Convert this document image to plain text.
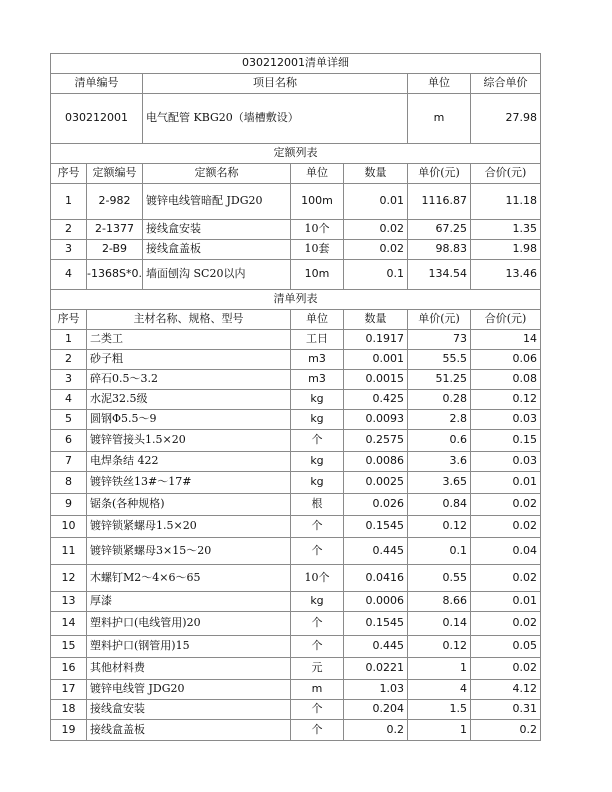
030212001清单详细						
清单编号		项目名称			单位	综合单价
030212001		电气配管 KBG20（墙槽敷设）			m	27.98
定额列表						
序号	定额编号	定额名称	单位	数量	单价(元)	合价(元)
1	2-982	镀锌电线管暗配 JDG20	100m	0.01	1116.87	11.18
2	2-1377	接线盒安装	10个	0.02	67.25	1.35
3	2-B9	接线盒盖板	10套	0.02	98.83	1.98
4	-1368S*0.	墙面刨沟 SC20以内	10m	0.1	134.54	13.46
清单列表						
序号	主材名称、规格、型号		单位	数量	单价(元)	合价(元)
1	二类工		工日	0.1917	73	14
2	砂子粗		m3	0.001	55.5	0.06
3	碎石0.5～3.2		m3	0.0015	51.25	0.08
4	水泥32.5级		kg	0.425	0.28	0.12
5	圆钢Φ5.5～9		kg	0.0093	2.8	0.03
6	镀锌管接头1.5×20		个	0.2575	0.6	0.15
7	电焊条结 422		kg	0.0086	3.6	0.03
8	镀锌铁丝13#～17#		kg	0.0025	3.65	0.01
9	锯条(各种规格)		根	0.026	0.84	0.02
10	镀锌锁紧螺母1.5×20		个	0.1545	0.12	0.02
11	镀锌锁紧螺母3×15～20		个	0.445	0.1	0.04
12	木螺钉M2～4×6～65		10个	0.0416	0.55	0.02
13	厚漆		kg	0.0006	8.66	0.01
14	塑料护口(电线管用)20		个	0.1545	0.14	0.02
15	塑料护口(钢管用)15		个	0.445	0.12	0.05
16	其他材料费		元	0.0221	1	0.02
17	镀锌电线管 JDG20		m	1.03	4	4.12
18	接线盒安装		个	0.204	1.5	0.31
19	接线盒盖板		个	0.2	1	0.2
